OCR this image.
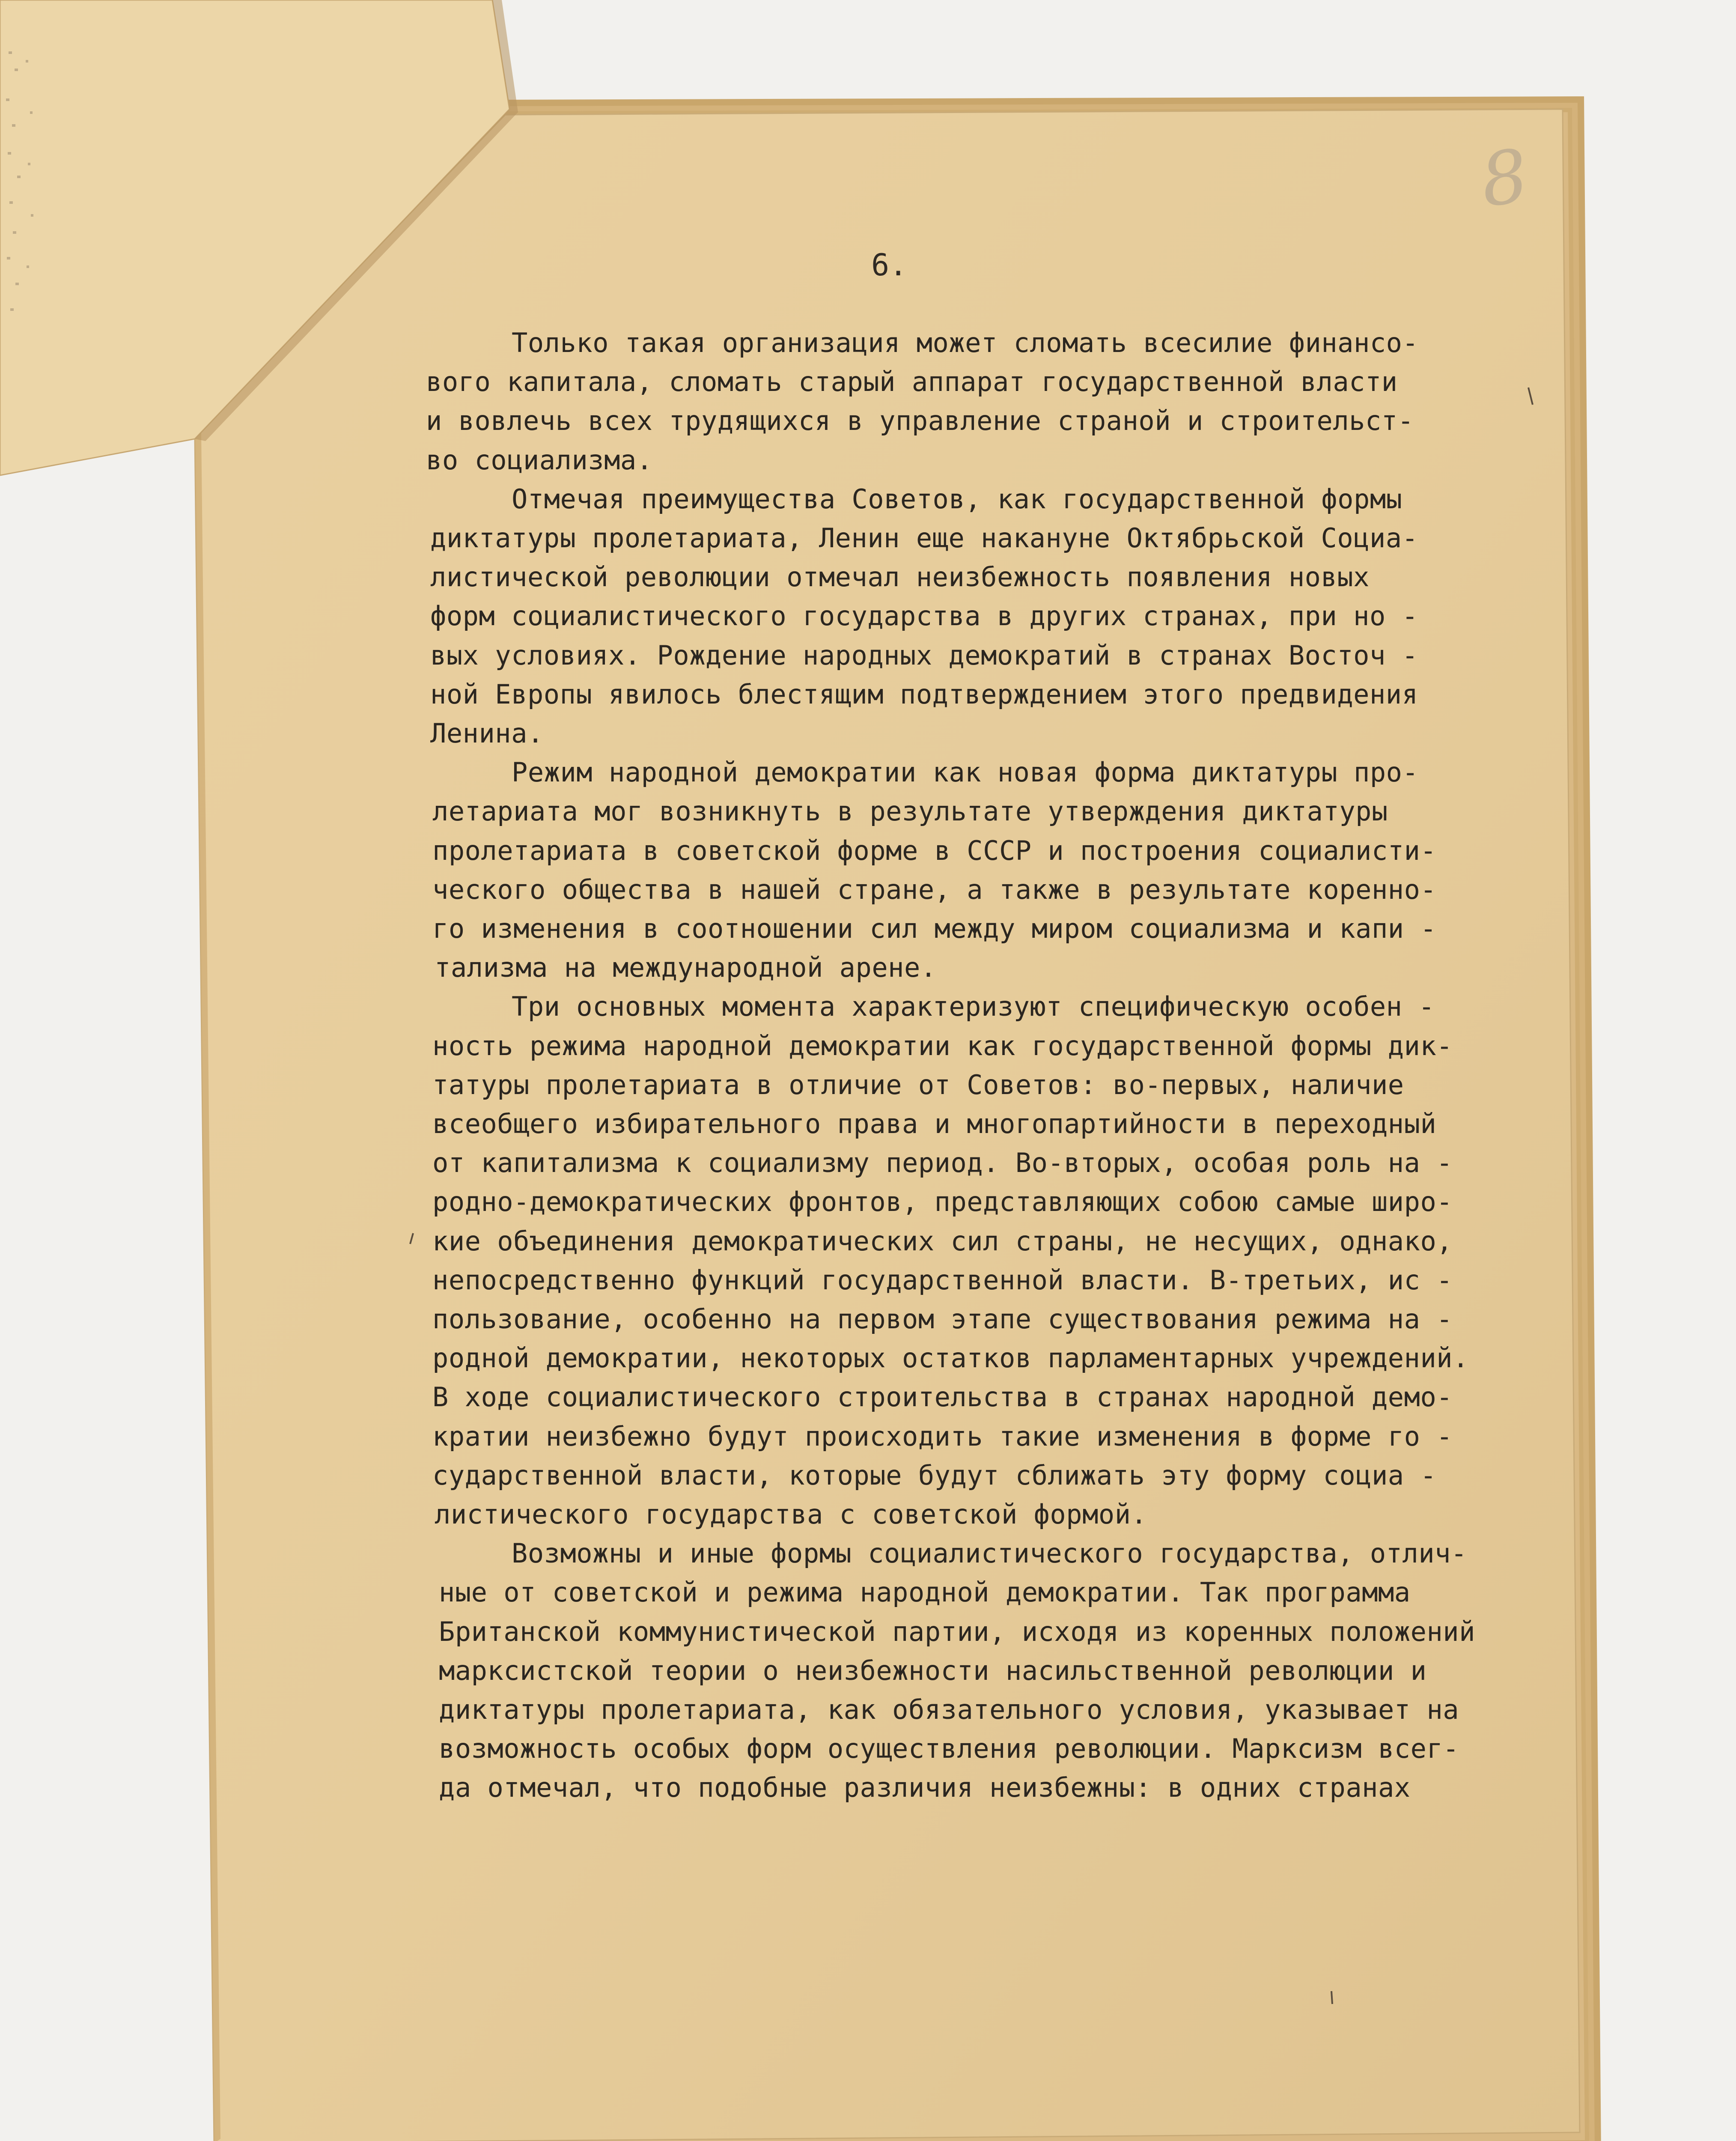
8
6.
Только такая организация может сломать всесилие финансо-
вого капитала, сломать старый аппарат государственной власти
и вовлечь всех трудящихся в управление страной и строительст-
во социализма.
Отмечая преимущества Советов, как государственной формы
диктатуры пролетариата, Ленин еще накануне Октябрьской Социа-
листической революции отмечал неизбежность появления новых
форм социалистического государства в других странах, при но -
вых условиях. Рождение народных демократий в странах Восточ -
ной Европы явилось блестящим подтверждением этого предвидения
Ленина.
Режим народной демократии как новая форма диктатуры про-
летариата мог возникнуть в результате утверждения диктатуры
пролетариата в советской форме в СССР и построения социалисти-
ческого общества в нашей стране, а также в результате коренно-
го изменения в соотношении сил между миром социализма и капи -
тализма на международной арене.
Три основных момента характеризуют специфическую особен -
ность режима народной демократии как государственной формы дик-
татуры пролетариата в отличие от Советов: во-первых, наличие
всеобщего избирательного права и многопартийности в переходный
от капитализма к социализму период. Во-вторых, особая роль на -
родно-демократических фронтов, представляющих собою самые широ-
кие объединения демократических сил страны, не несущих, однако,
непосредственно функций государственной власти. В-третьих, ис -
пользование, особенно на первом этапе существования режима на -
родной демократии, некоторых остатков парламентарных учреждений.
В ходе социалистического строительства в странах народной демо-
кратии неизбежно будут происходить такие изменения в форме го -
сударственной власти, которые будут сближать эту форму социа -
листического государства с советской формой.
Возможны и иные формы социалистического государства, отлич-
ные от советской и режима народной демократии. Так программа
Британской коммунистической партии, исходя из коренных положений
марксистской теории о неизбежности насильственной революции и
диктатуры пролетариата, как обязательного условия, указывает на
возможность особых форм осуществления революции. Марксизм всег-
да отмечал, что подобные различия неизбежны: в одних странах
